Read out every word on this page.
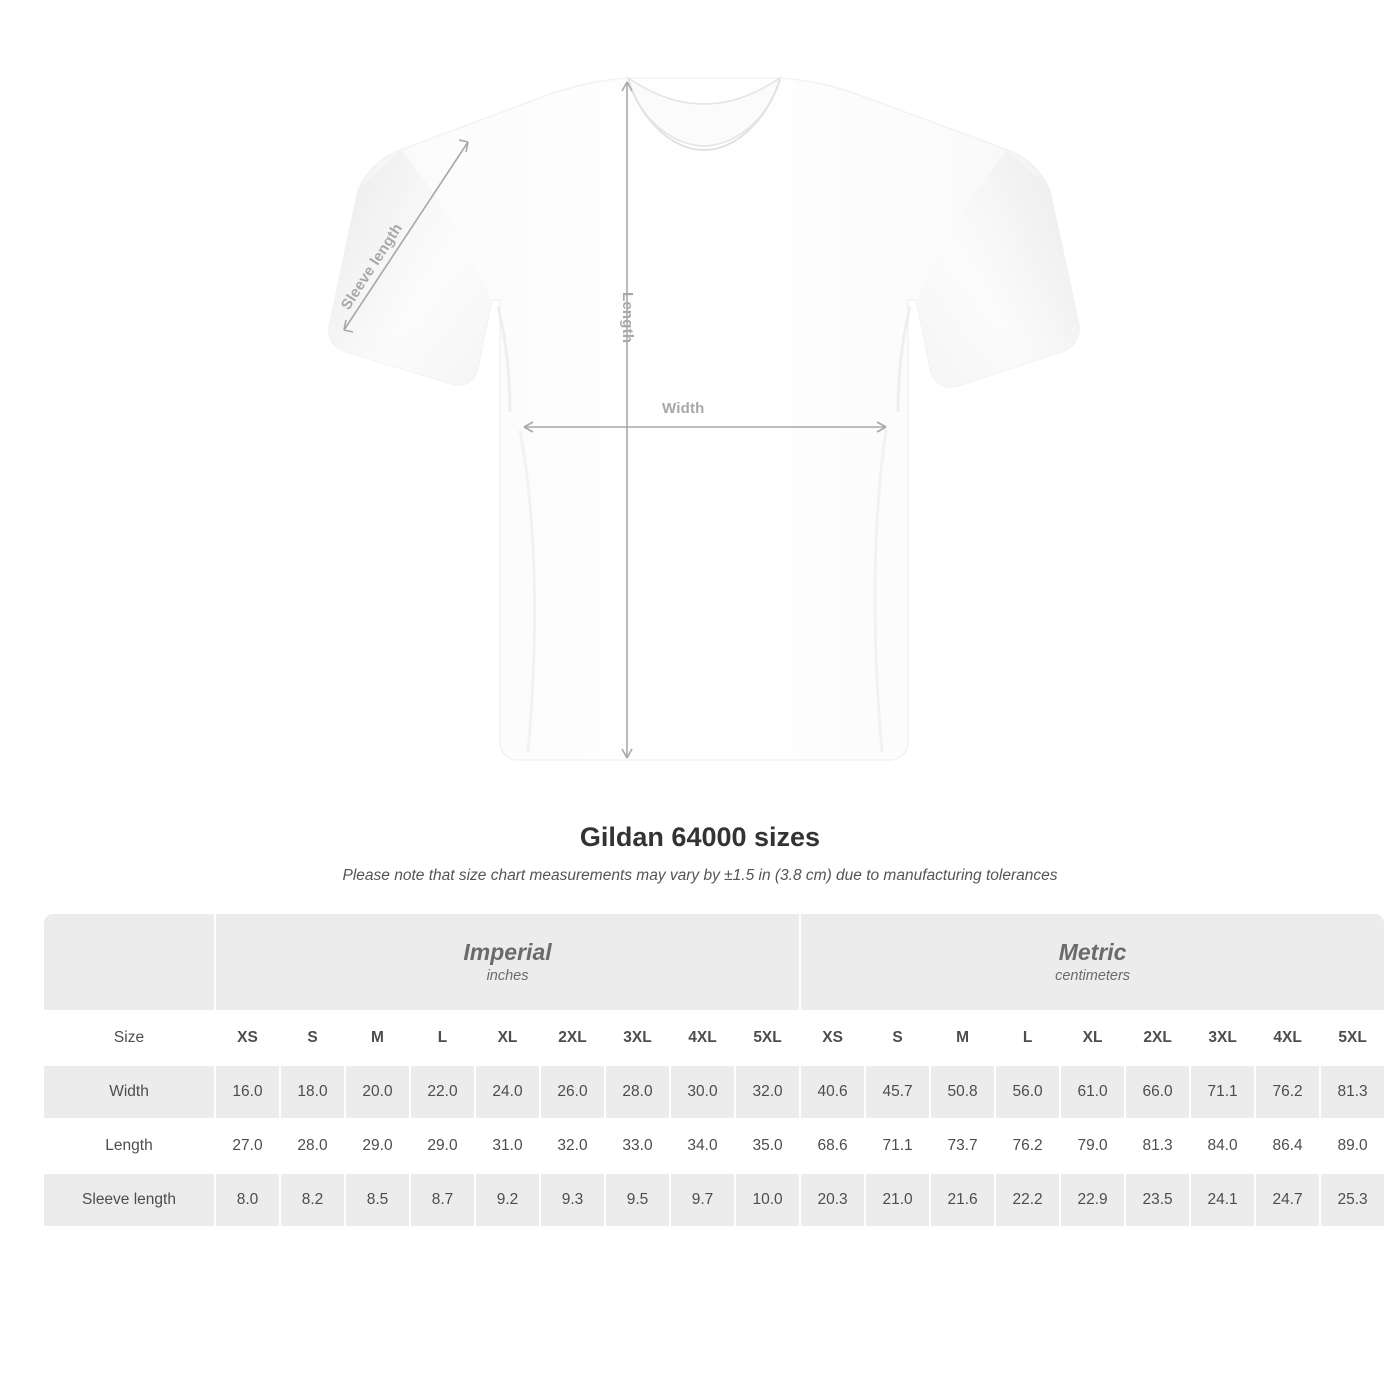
Width
Length
Sleeve length
Gildan 64000 sizes

Please note that size chart measurements may vary by ±1.5 in (3.8 cm) due to manufacturing tolerances

	Imperial
inches									Metric
centimeters								

Size	XS	S	M	L	XL	2XL	3XL	4XL	5XL	XS	S	M	L	XL	2XL	3XL	4XL	5XL
Width	16.0	18.0	20.0	22.0	24.0	26.0	28.0	30.0	32.0	40.6	45.7	50.8	56.0	61.0	66.0	71.1	76.2	81.3
Length	27.0	28.0	29.0	29.0	31.0	32.0	33.0	34.0	35.0	68.6	71.1	73.7	76.2	79.0	81.3	84.0	86.4	89.0
Sleeve length	8.0	8.2	8.5	8.7	9.2	9.3	9.5	9.7	10.0	20.3	21.0	21.6	22.2	22.9	23.5	24.1	24.7	25.3
